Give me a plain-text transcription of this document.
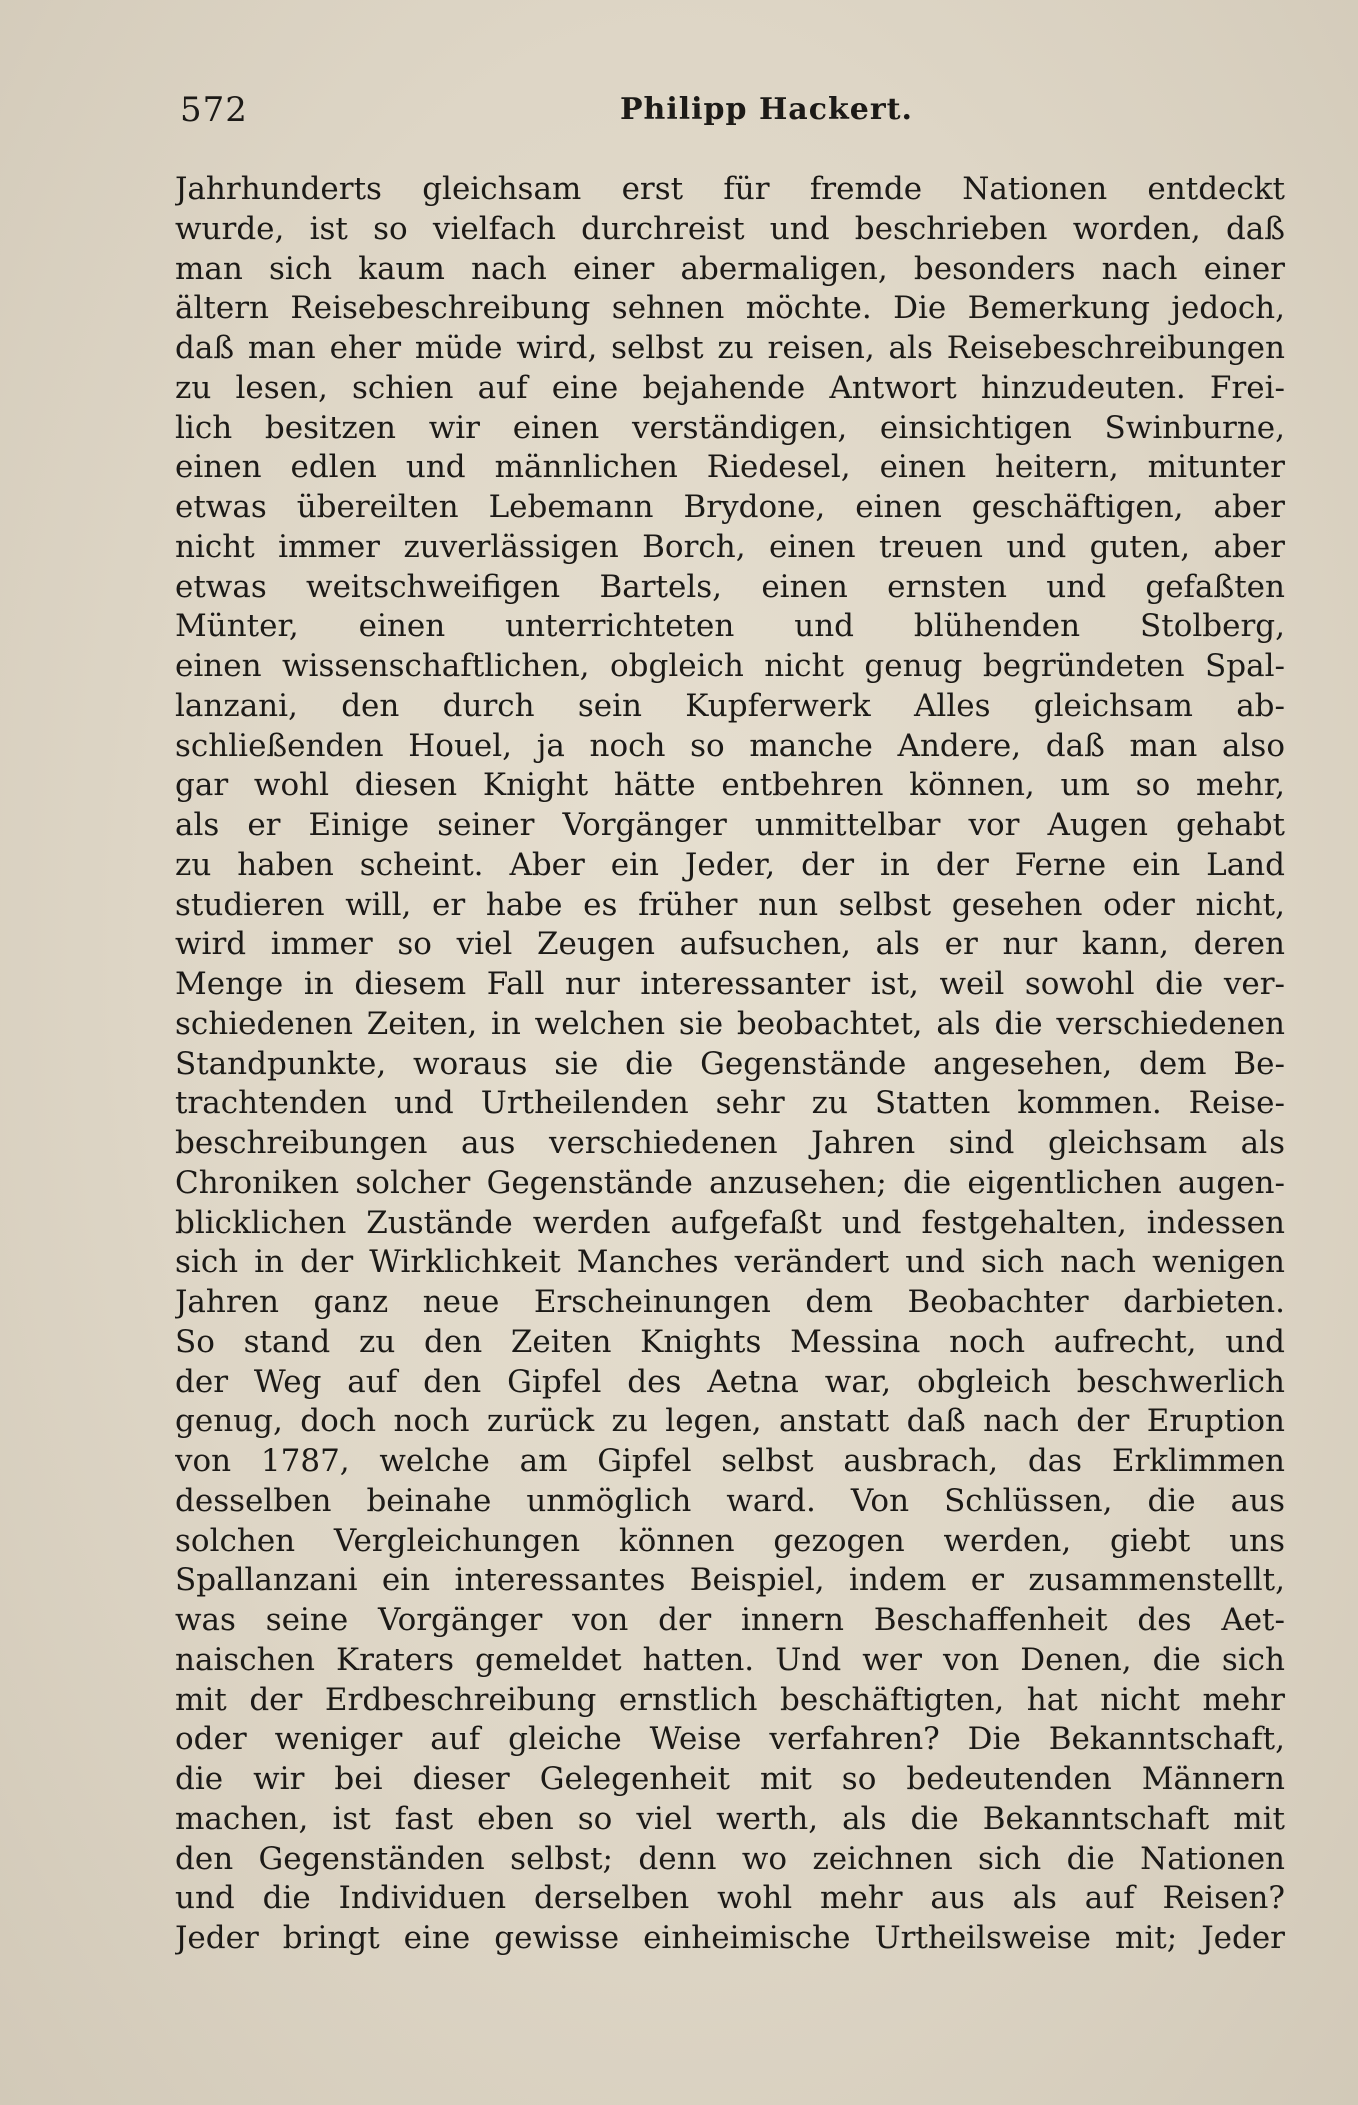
572	Philipp Hackert.
Jahrhunderts gleichsam erst für fremde Nationen entdeckt
wurde, ist so vielfach durchreist und beschrieben worden, daß
man sich kaum nach einer abermaligen, besonders nach einer
ältern Reisebeschreibung sehnen möchte. Die Bemerkung jedoch,
daß man eher müde wird, selbst zu reisen, als Reisebeschreibungen
zu lesen, schien auf eine bejahende Antwort hinzudeuten. Frei-
lich besitzen wir einen verständigen, einsichtigen Swinburne,
einen edlen und männlichen Riedesel, einen heitern, mitunter
etwas übereilten Lebemann Brydone, einen geschäftigen, aber
nicht immer zuverlässigen Borch, einen treuen und guten, aber
etwas weitschweifigen Bartels, einen ernsten und gefaßten
Münter, einen unterrichteten und blühenden Stolberg,
einen wissenschaftlichen, obgleich nicht genug begründeten Spal-
lanzani, den durch sein Kupferwerk Alles gleichsam ab-
schließenden Houel, ja noch so manche Andere, daß man also
gar wohl diesen Knight hätte entbehren können, um so mehr,
als er Einige seiner Vorgänger unmittelbar vor Augen gehabt
zu haben scheint. Aber ein Jeder, der in der Ferne ein Land
studieren will, er habe es früher nun selbst gesehen oder nicht,
wird immer so viel Zeugen aufsuchen, als er nur kann, deren
Menge in diesem Fall nur interessanter ist, weil sowohl die ver-
schiedenen Zeiten, in welchen sie beobachtet, als die verschiedenen
Standpunkte, woraus sie die Gegenstände angesehen, dem Be-
trachtenden und Urtheilenden sehr zu Statten kommen. Reise-
beschreibungen aus verschiedenen Jahren sind gleichsam als
Chroniken solcher Gegenstände anzusehen; die eigentlichen augen-
blicklichen Zustände werden aufgefaßt und festgehalten, indessen
sich in der Wirklichkeit Manches verändert und sich nach wenigen
Jahren ganz neue Erscheinungen dem Beobachter darbieten.
So stand zu den Zeiten Knights Messina noch aufrecht, und
der Weg auf den Gipfel des Aetna war, obgleich beschwerlich
genug, doch noch zurück zu legen, anstatt daß nach der Eruption
von 1787, welche am Gipfel selbst ausbrach, das Erklimmen
desselben beinahe unmöglich ward. Von Schlüssen, die aus
solchen Vergleichungen können gezogen werden, giebt uns
Spallanzani ein interessantes Beispiel, indem er zusammenstellt,
was seine Vorgänger von der innern Beschaffenheit des Aet-
naischen Kraters gemeldet hatten. Und wer von Denen, die sich
mit der Erdbeschreibung ernstlich beschäftigten, hat nicht mehr
oder weniger auf gleiche Weise verfahren? Die Bekanntschaft,
die wir bei dieser Gelegenheit mit so bedeutenden Männern
machen, ist fast eben so viel werth, als die Bekanntschaft mit
den Gegenständen selbst; denn wo zeichnen sich die Nationen
und die Individuen derselben wohl mehr aus als auf Reisen?
Jeder bringt eine gewisse einheimische Urtheilsweise mit; Jeder
